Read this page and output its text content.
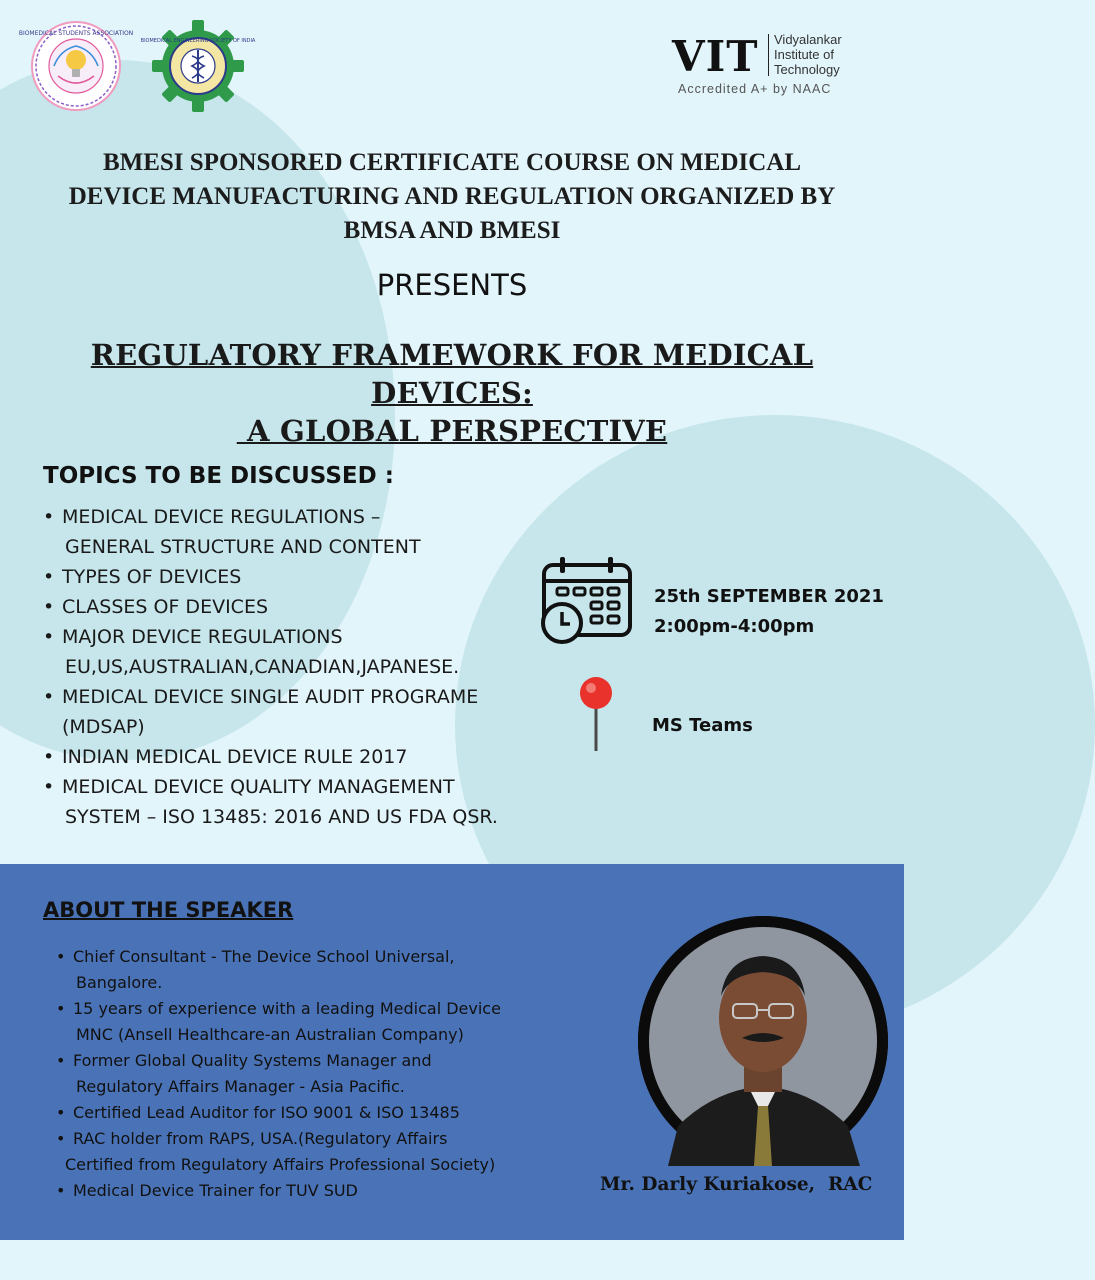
BIOMEDICAL STUDENTS ASSOCIATION
BIOMEDICAL ENGINEERING SOCIETY OF INDIA	VIT Vidyalankar
Institute of
Technology
Accredited A+ by NAAC
BMESI SPONSORED CERTIFICATE COURSE ON MEDICAL
DEVICE MANUFACTURING AND REGULATION ORGANIZED BY
BMSA AND BMESI
PRESENTS
REGULATORY FRAMEWORK FOR MEDICAL DEVICES:
A GLOBAL PERSPECTIVE
TOPICS TO BE DISCUSSED :
• MEDICAL DEVICE REGULATIONS –
GENERAL STRUCTURE AND CONTENT
• TYPES OF DEVICES
• CLASSES OF DEVICES
• MAJOR DEVICE REGULATIONS
EU,US,AUSTRALIAN,CANADIAN,JAPANESE.
• MEDICAL DEVICE SINGLE AUDIT PROGRAME
(MDSAP)
• INDIAN MEDICAL DEVICE RULE 2017
• MEDICAL DEVICE QUALITY MANAGEMENT
SYSTEM – ISO 13485: 2016 AND US FDA QSR.
25th SEPTEMBER 2021
2:00pm-4:00pm
MS Teams
ABOUT THE SPEAKER
• Chief Consultant - The Device School Universal,
Bangalore.
• 15 years of experience with a leading Medical Device
MNC (Ansell Healthcare-an Australian Company)
• Former Global Quality Systems Manager and
Regulatory Affairs Manager - Asia Pacific.
• Certified Lead Auditor for ISO 9001 & ISO 13485
• RAC holder from RAPS, USA.(Regulatory Affairs
Certified from Regulatory Affairs Professional Society)
• Medical Device Trainer for TUV SUD	Mr. Darly Kuriakose,  RAC
